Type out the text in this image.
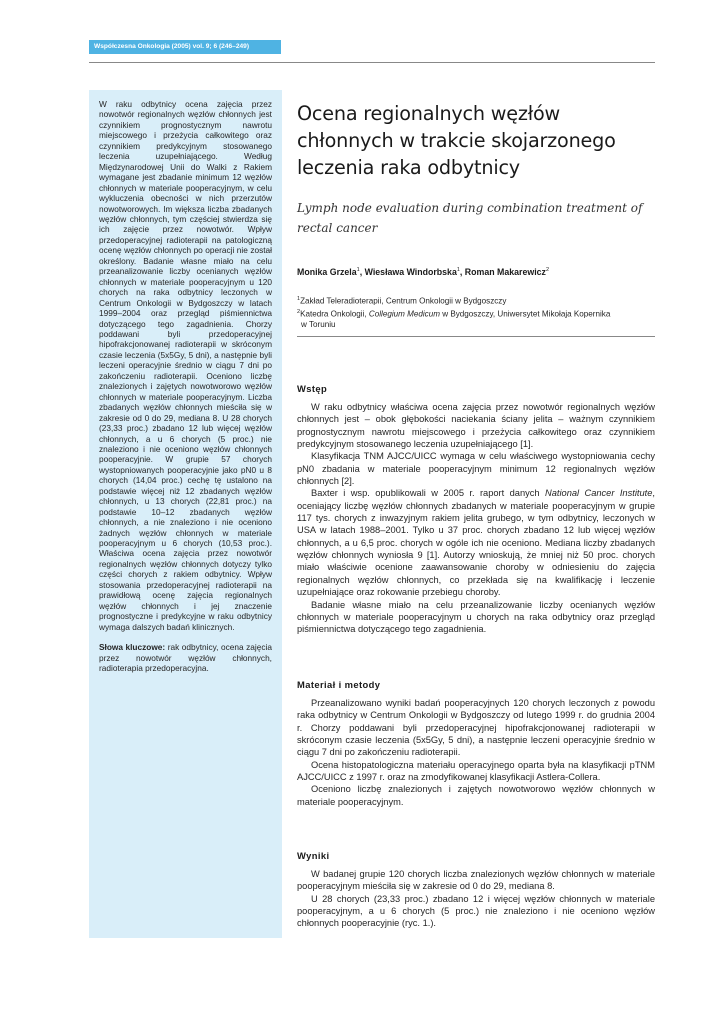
Współczesna Onkologia (2005) vol. 9; 6 (246–249)

W raku odbytnicy ocena zajęcia przez nowotwór regionalnych węzłów chłonnych jest czynnikiem prognostycznym nawrotu miejscowego i przeżycia całkowitego oraz czynnikiem predykcyjnym stosowanego leczenia uzupełniającego. Według Międzynarodowej Unii do Walki z Rakiem wymagane jest zbadanie minimum 12 węzłów chłonnych w materiale pooperacyjnym, w celu wykluczenia obecności w nich przerzutów nowotworowych. Im większa liczba zbadanych węzłów chłonnych, tym częściej stwierdza się ich zajęcie przez nowotwór. Wpływ przedoperacyjnej radioterapii na patologiczną ocenę węzłów chłonnych po operacji nie został określony. Badanie własne miało na celu przeanalizowanie liczby ocenianych węzłów chłonnych w materiale pooperacyjnym u 120 chorych na raka odbytnicy leczonych w Centrum Onkologii w Bydgoszczy w latach 1999–2004 oraz przegląd piśmiennictwa dotyczącego tego zagadnienia. Chorzy poddawani byli przedoperacyjnej hipofrakcjonowanej radioterapii w skróconym czasie leczenia (5x5Gy, 5 dni), a następnie byli leczeni operacyjnie średnio w ciągu 7 dni po zakończeniu radioterapii. Oceniono liczbę znalezionych i zajętych nowotworowo węzłów chłonnych w materiale pooperacyjnym. Liczba zbadanych węzłów chłonnych mieściła się w zakresie od 0 do 29, mediana 8. U 28 chorych (23,33 proc.) zbadano 12 lub więcej węzłów chłonnych, a u 6 chorych (5 proc.) nie znaleziono i nie oceniono węzłów chłonnych pooperacyjnie. W grupie 57 chorych wystopniowanych pooperacyjnie jako pN0 u 8 chorych (14,04 proc.) cechę tę ustalono na podstawie więcej niż 12 zbadanych węzłów chłonnych, u 13 chorych (22,81 proc.) na podstawie 10–12 zbadanych węzłów chłonnych, a nie znaleziono i nie oceniono żadnych węzłów chłonnych w materiale pooperacyjnym u 6 chorych (10,53 proc.). Właściwa ocena zajęcia przez nowotwór regionalnych węzłów chłonnych dotyczy tylko części chorych z rakiem odbytnicy. Wpływ stosowania przedoperacyjnej radioterapii na prawidłową ocenę zajęcia regionalnych węzłów chłonnych i jej znaczenie prognostyczne i predykcyjne w raku odbytnicy wymaga dalszych badań klinicznych.

Słowa kluczowe: rak odbytnicy, ocena zajęcia przez nowotwór węzłów chłonnych, radioterapia przedoperacyjna.

Ocena regionalnych węzłów chłonnych w trakcie skojarzonego leczenia raka odbytnicy

Lymph node evaluation during combination treatment of rectal cancer

Monika Grzela$^1$, Wiesława Windorbska$^1$, Roman Makarewicz$^2$

$^1$Zakład Teleradioterapii, Centrum Onkologii w Bydgoszczy

$^2$Katedra Onkologii, Collegium Medicum w Bydgoszczy, Uniwersytet Mikołaja Kopernika

w Toruniu

Wstęp

W raku odbytnicy właściwa ocena zajęcia przez nowotwór regionalnych węzłów chłonnych jest – obok głębokości naciekania ściany jelita – ważnym czynnikiem prognostycznym nawrotu miejscowego i przeżycia całkowitego oraz czynnikiem predykcyjnym stosowanego leczenia uzupełniającego [1].

Klasyfikacja TNM AJCC/UICC wymaga w celu właściwego wystopniowania cechy pN0 zbadania w materiale pooperacyjnym minimum 12 regionalnych węzłów chłonnych [2].

Baxter i wsp. opublikowali w 2005 r. raport danych National Cancer Institute, oceniający liczbę węzłów chłonnych zbadanych w materiale pooperacyjnym w grupie 117 tys. chorych z inwazyjnym rakiem jelita grubego, w tym odbytnicy, leczonych w USA w latach 1988–2001. Tylko u 37 proc. chorych zbadano 12 lub więcej węzłów chłonnych, a u 6,5 proc. chorych w ogóle ich nie oceniono. Mediana liczby zbadanych węzłów chłonnych wyniosła 9 [1]. Autorzy wnioskują, że mniej niż 50 proc. chorych miało właściwie ocenione zaawansowanie choroby w odniesieniu do zajęcia regionalnych węzłów chłonnych, co przekłada się na kwalifikację i leczenie uzupełniające oraz rokowanie przebiegu choroby.

Badanie własne miało na celu przeanalizowanie liczby ocenianych węzłów chłonnych w materiale pooperacyjnym u chorych na raka odbytnicy oraz przegląd piśmiennictwa dotyczącego tego zagadnienia.

Materiał i metody

Przeanalizowano wyniki badań pooperacyjnych 120 chorych leczonych z powodu raka odbytnicy w Centrum Onkologii w Bydgoszczy od lutego 1999 r. do grudnia 2004 r. Chorzy poddawani byli przedoperacyjnej hipofrakcjonowanej radioterapii w skróconym czasie leczenia (5x5Gy, 5 dni), a następnie leczeni operacyjnie średnio w ciągu 7 dni po zakończeniu radioterapii.

Ocena histopatologiczna materiału operacyjnego oparta była na klasyfikacji pTNM AJCC/UICC z 1997 r. oraz na zmodyfikowanej klasyfikacji Astlera-Collera.

Oceniono liczbę znalezionych i zajętych nowotworowo węzłów chłonnych w materiale pooperacyjnym.

Wyniki

W badanej grupie 120 chorych liczba znalezionych węzłów chłonnych w materiale pooperacyjnym mieściła się w zakresie od 0 do 29, mediana 8.

U 28 chorych (23,33 proc.) zbadano 12 i więcej węzłów chłonnych w materiale pooperacyjnym, a u 6 chorych (5 proc.) nie znaleziono i nie oceniono węzłów chłonnych pooperacyjnie (ryc. 1.).
